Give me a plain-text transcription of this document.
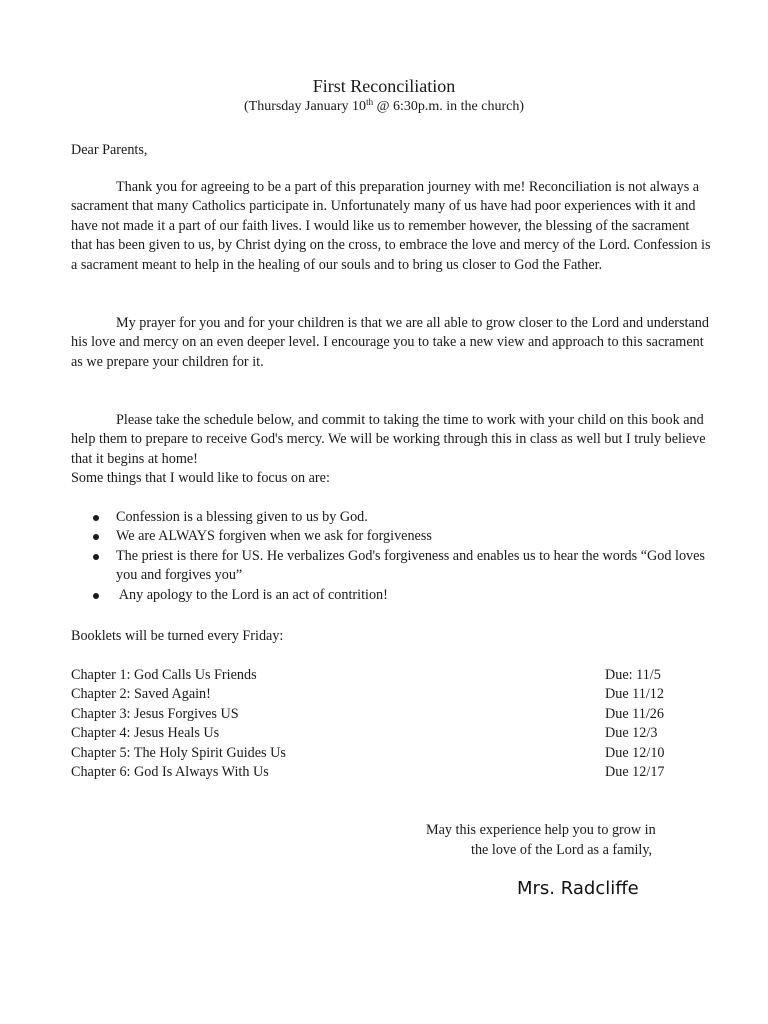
First Reconciliation
(Thursday January 10th @ 6:30p.m. in the church)

Dear Parents,

Thank you for agreeing to be a part of this preparation journey with me! Reconciliation is not always a sacrament that many Catholics participate in. Unfortunately many of us have had poor experiences with it and have not made it a part of our faith lives. I would like us to remember however, the blessing of the sacrament that has been given to us, by Christ dying on the cross, to embrace the love and mercy of the Lord. Confession is a sacrament meant to help in the healing of our souls and to bring us closer to God the Father.

My prayer for you and for your children is that we are all able to grow closer to the Lord and understand his love and mercy on an even deeper level. I encourage you to take a new view and approach to this sacrament as we prepare your children for it.

Please take the schedule below, and commit to taking the time to work with your child on this book and help them to prepare to receive God's mercy. We will be working through this in class as well but I truly believe that it begins at home!

Some things that I would like to focus on are:

Confession is a blessing given to us by God.
We are ALWAYS forgiven when we ask for forgiveness
The priest is there for US. He verbalizes God's forgiveness and enables us to hear the words “God loves you and forgives you”
Any apology to the Lord is an act of contrition!

Booklets will be turned every Friday:

Chapter 1: God Calls Us Friends	Due: 11/5
Chapter 2: Saved Again!	Due 11/12
Chapter 3: Jesus Forgives US	Due 11/26
Chapter 4: Jesus Heals Us	Due 12/3
Chapter 5: The Holy Spirit Guides Us	Due 12/10
Chapter 6: God Is Always With Us	Due 12/17
May this experience help you to grow in
the love of the Lord as a family,
Mrs. Radcliffe
